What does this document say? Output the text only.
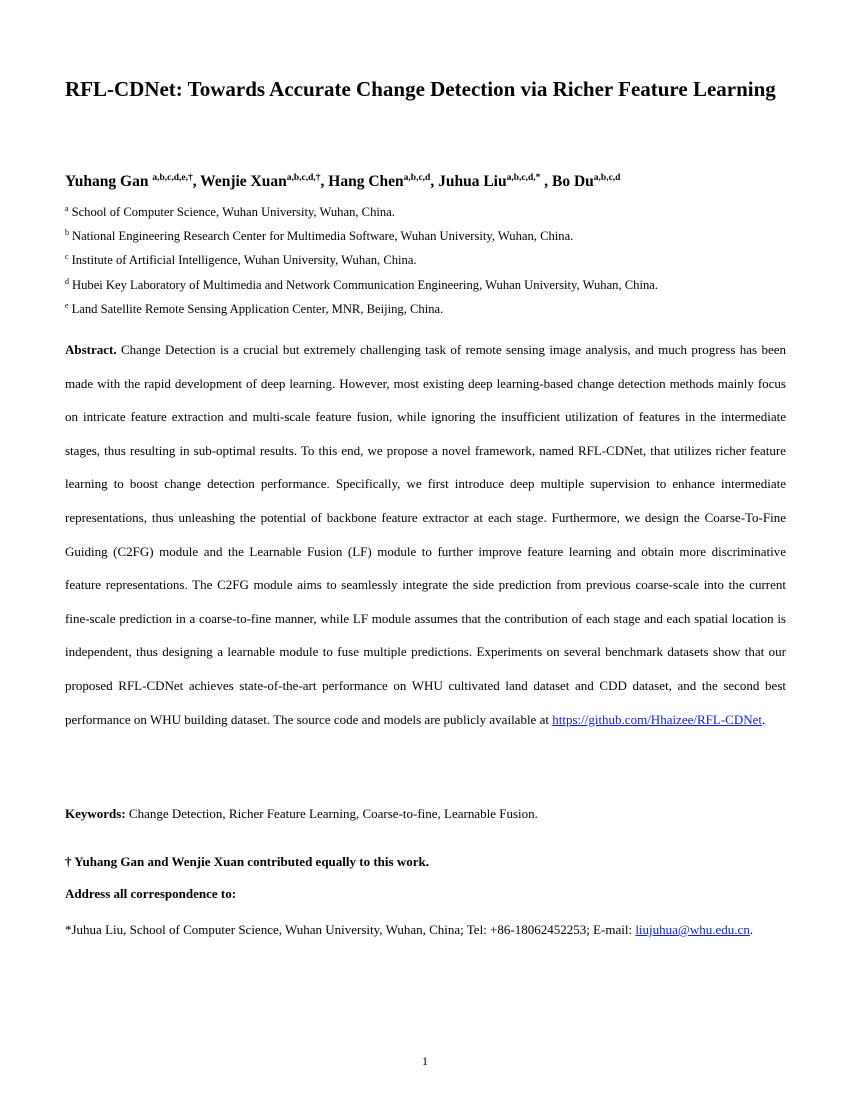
RFL-CDNet: Towards Accurate Change Detection via Richer Feature Learning

Yuhang Gan $^{a,b,c,d,e,\dagger}$, Wenjie Xuan$^{a,b,c,d,\dagger}$, Hang Chen$^{a,b,c,d}$, Juhua Liu$^{a,b,c,d,*}$ , Bo Du$^{a,b,c,d}$

$^a$ School of Computer Science, Wuhan University, Wuhan, China.
$^b$ National Engineering Research Center for Multimedia Software, Wuhan University, Wuhan, China.
$^c$ Institute of Artificial Intelligence, Wuhan University, Wuhan, China.
$^d$ Hubei Key Laboratory of Multimedia and Network Communication Engineering, Wuhan University, Wuhan, China.
$^e$ Land Satellite Remote Sensing Application Center, MNR, Beijing, China.

Abstract. Change Detection is a crucial but extremely challenging task of remote sensing image analysis, and much progress has been made with the rapid development of deep learning. However, most existing deep learning-based change detection methods mainly focus on intricate feature extraction and multi-scale feature fusion, while ignoring the insufficient utilization of features in the intermediate stages, thus resulting in sub-optimal results. To this end, we propose a novel framework, named RFL-CDNet, that utilizes richer feature learning to boost change detection performance. Specifically, we first introduce deep multiple supervision to enhance intermediate representations, thus unleashing the potential of backbone feature extractor at each stage. Furthermore, we design the Coarse-To-Fine Guiding (C2FG) module and the Learnable Fusion (LF) module to further improve feature learning and obtain more discriminative feature representations. The C2FG module aims to seamlessly integrate the side prediction from previous coarse-scale into the current fine-scale prediction in a coarse-to-fine manner, while LF module assumes that the contribution of each stage and each spatial location is independent, thus designing a learnable module to fuse multiple predictions. Experiments on several benchmark datasets show that our proposed RFL-CDNet achieves state-of-the-art performance on WHU cultivated land dataset and CDD dataset, and the second best performance on WHU building dataset. The source code and models are publicly available at https://github.com/Hhaizee/RFL-CDNet.

Keywords: Change Detection, Richer Feature Learning, Coarse-to-fine, Learnable Fusion.

† Yuhang Gan and Wenjie Xuan contributed equally to this work.

Address all correspondence to:

*Juhua Liu, School of Computer Science, Wuhan University, Wuhan, China; Tel: +86-18062452253; E-mail: liujuhua@whu.edu.cn.

1
